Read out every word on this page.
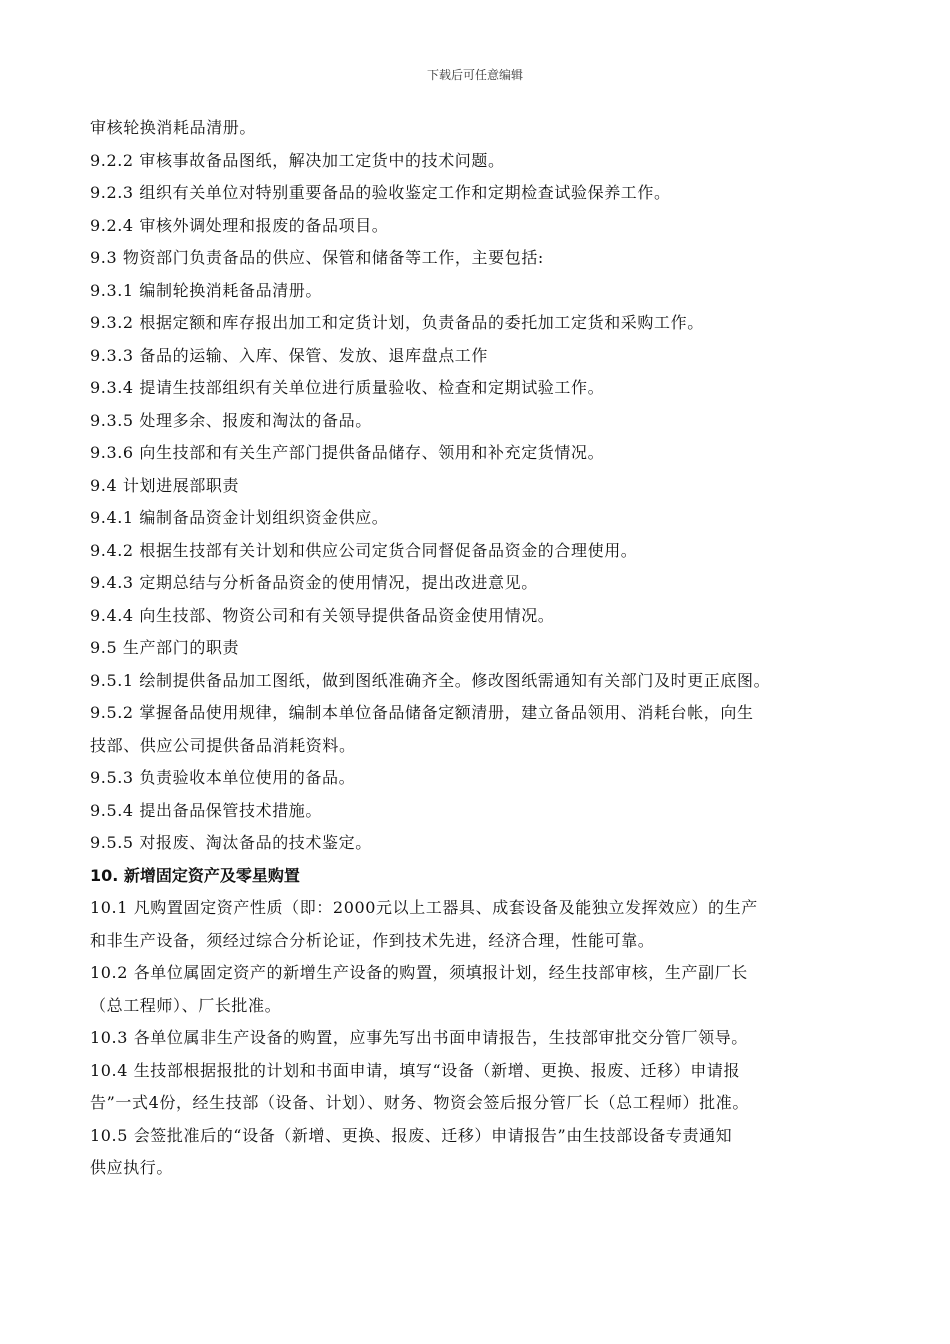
下载后可任意编辑
审核轮换消耗品清册。
9.2.2 审核事故备品图纸，解决加工定货中的技术问题。
9.2.3 组织有关单位对特别重要备品的验收鉴定工作和定期检查试验保养工作。
9.2.4 审核外调处理和报废的备品项目。
9.3 物资部门负责备品的供应、保管和储备等工作，主要包括:
9.3.1 编制轮换消耗备品清册。
9.3.2 根据定额和库存报出加工和定货计划，负责备品的委托加工定货和采购工作。
9.3.3 备品的运输、入库、保管、发放、退库盘点工作
9.3.4 提请生技部组织有关单位进行质量验收、检查和定期试验工作。
9.3.5 处理多余、报废和淘汰的备品。
9.3.6 向生技部和有关生产部门提供备品储存、领用和补充定货情况。
9.4 计划进展部职责
9.4.1 编制备品资金计划组织资金供应。
9.4.2 根据生技部有关计划和供应公司定货合同督促备品资金的合理使用。
9.4.3 定期总结与分析备品资金的使用情况，提出改进意见。
9.4.4 向生技部、物资公司和有关领导提供备品资金使用情况。
9.5 生产部门的职责
9.5.1 绘制提供备品加工图纸，做到图纸准确齐全。修改图纸需通知有关部门及时更正底图。
9.5.2 掌握备品使用规律，编制本单位备品储备定额清册，建立备品领用、消耗台帐，向生
技部、供应公司提供备品消耗资料。
9.5.3 负责验收本单位使用的备品。
9.5.4 提出备品保管技术措施。
9.5.5 对报废、淘汰备品的技术鉴定。
10. 新增固定资产及零星购置
10.1 凡购置固定资产性质（即：2000元以上工器具、成套设备及能独立发挥效应）的生产
和非生产设备，须经过综合分析论证，作到技术先进，经济合理，性能可靠。
10.2 各单位属固定资产的新增生产设备的购置，须填报计划，经生技部审核，生产副厂长
（总工程师）、厂长批准。
10.3 各单位属非生产设备的购置，应事先写出书面申请报告，生技部审批交分管厂领导。
10.4 生技部根据报批的计划和书面申请，填写“设备（新增、更换、报废、迁移）申请报
告”一式4份，经生技部（设备、计划）、财务、物资会签后报分管厂长（总工程师）批准。
10.5 会签批准后的“设备（新增、更换、报废、迁移）申请报告”由生技部设备专责通知
供应执行。
